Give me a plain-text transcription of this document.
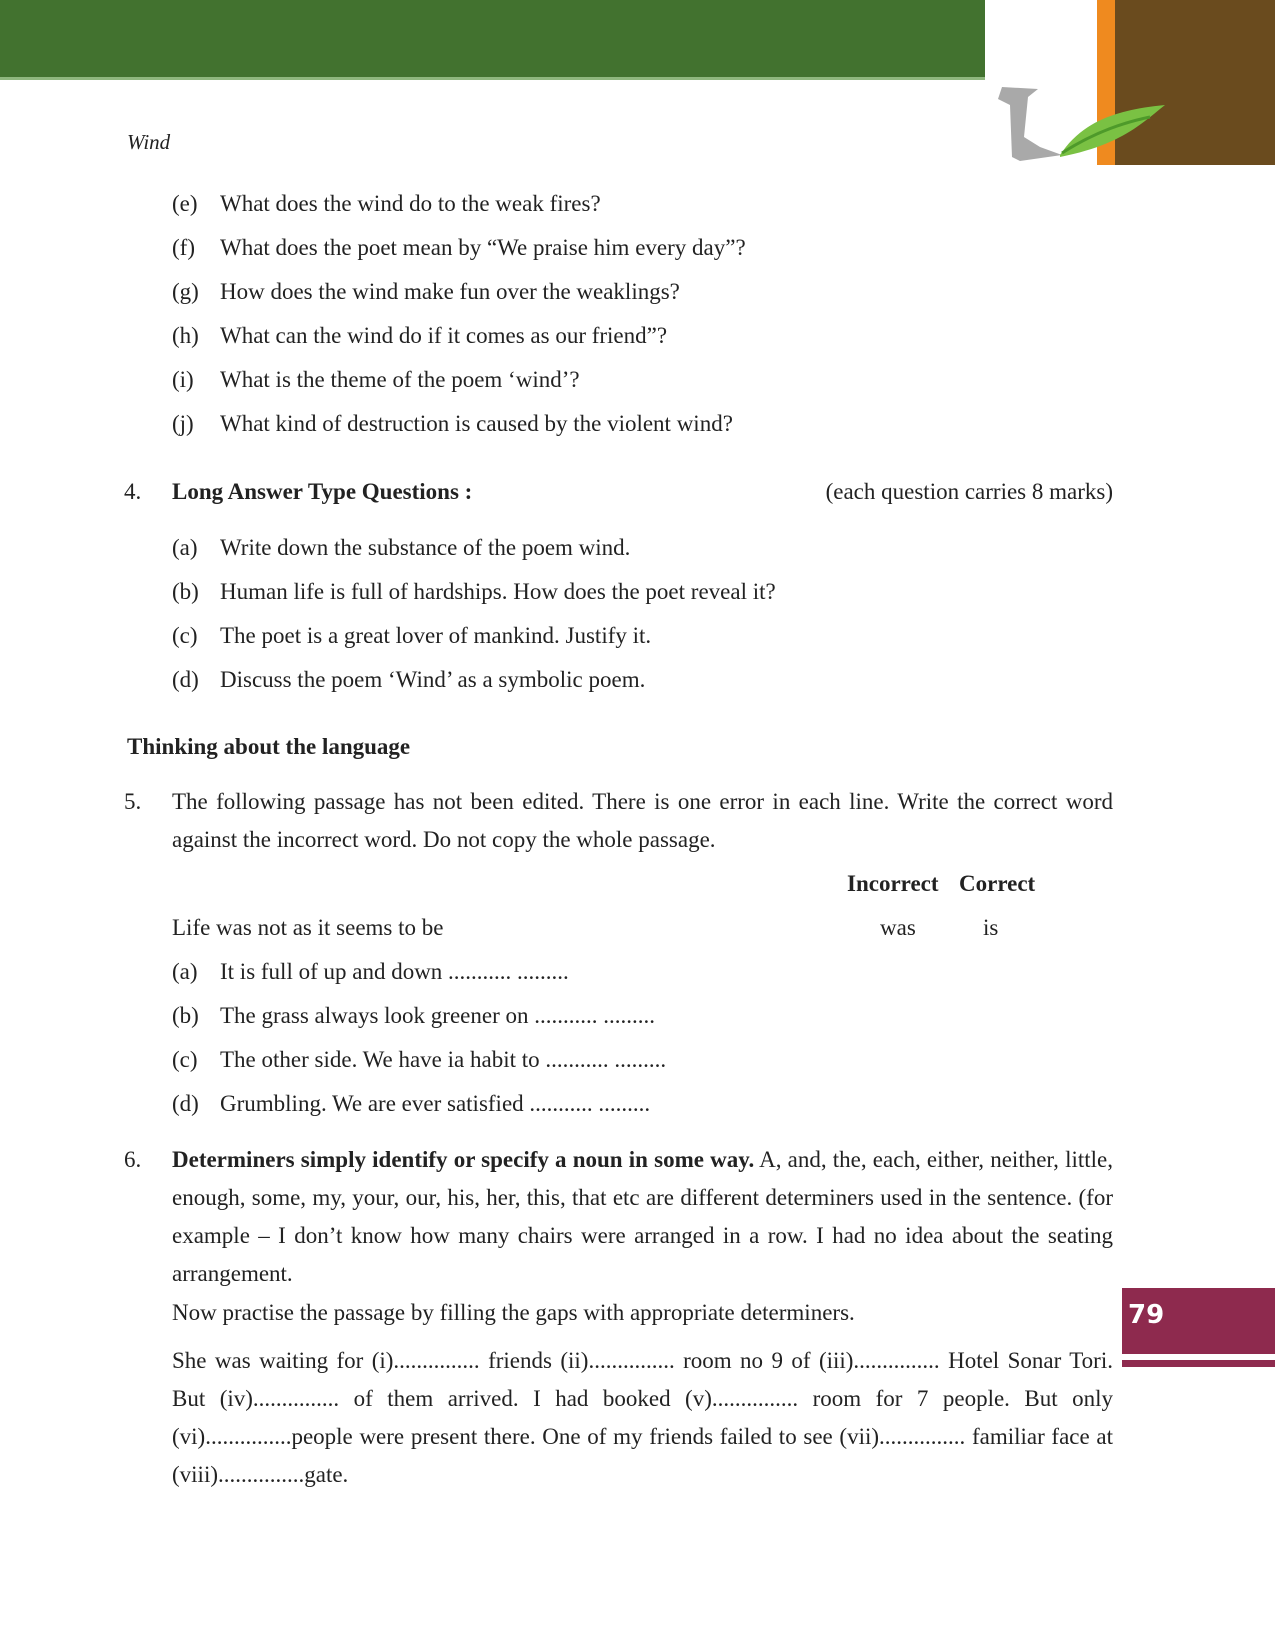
Wind
(e) What does the wind do to the weak fires?
(f) What does the poet mean by “We praise him every day”?
(g) How does the wind make fun over the weaklings?
(h) What can the wind do if it comes as our friend”?
(i) What is the theme of the poem ‘wind’?
(j) What kind of destruction is caused by the violent wind?
4. Long Answer Type Questions :	(each question carries 8 marks)
(a) Write down the substance of the poem wind.
(b) Human life is full of hardships. How does the poet reveal it?
(c) The poet is a great lover of mankind. Justify it.
(d) Discuss the poem ‘Wind’ as a symbolic poem.
Thinking about the language
5. The following passage has not been edited. There is one error in each line. Write the correct word against the incorrect word. Do not copy the whole passage.
Incorrect Correct
Life was not as it seems to be	was	is
(a) It is full of up and down ........... .........
(b) The grass always look greener on ........... .........
(c) The other side. We have ia habit to ........... .........
(d) Grumbling. We are ever satisfied ........... .........
6. Determiners simply identify or specify a noun in some way. A, and, the, each, either, neither, little, enough, some, my, your, our, his, her, this, that etc are different determiners used in the sentence. (for example – I don’t know how many chairs were arranged in a row. I had no idea about the seating arrangement.
Now practise the passage by filling the gaps with appropriate determiners.
She was waiting for (i)............... friends (ii)............... room no 9 of (iii)............... Hotel Sonar Tori. But (iv)............... of them arrived. I had booked (v)............... room for 7 people. But only (vi)...............people were present there. One of my friends failed to see (vii)............... familiar face at (viii)...............gate.
79
